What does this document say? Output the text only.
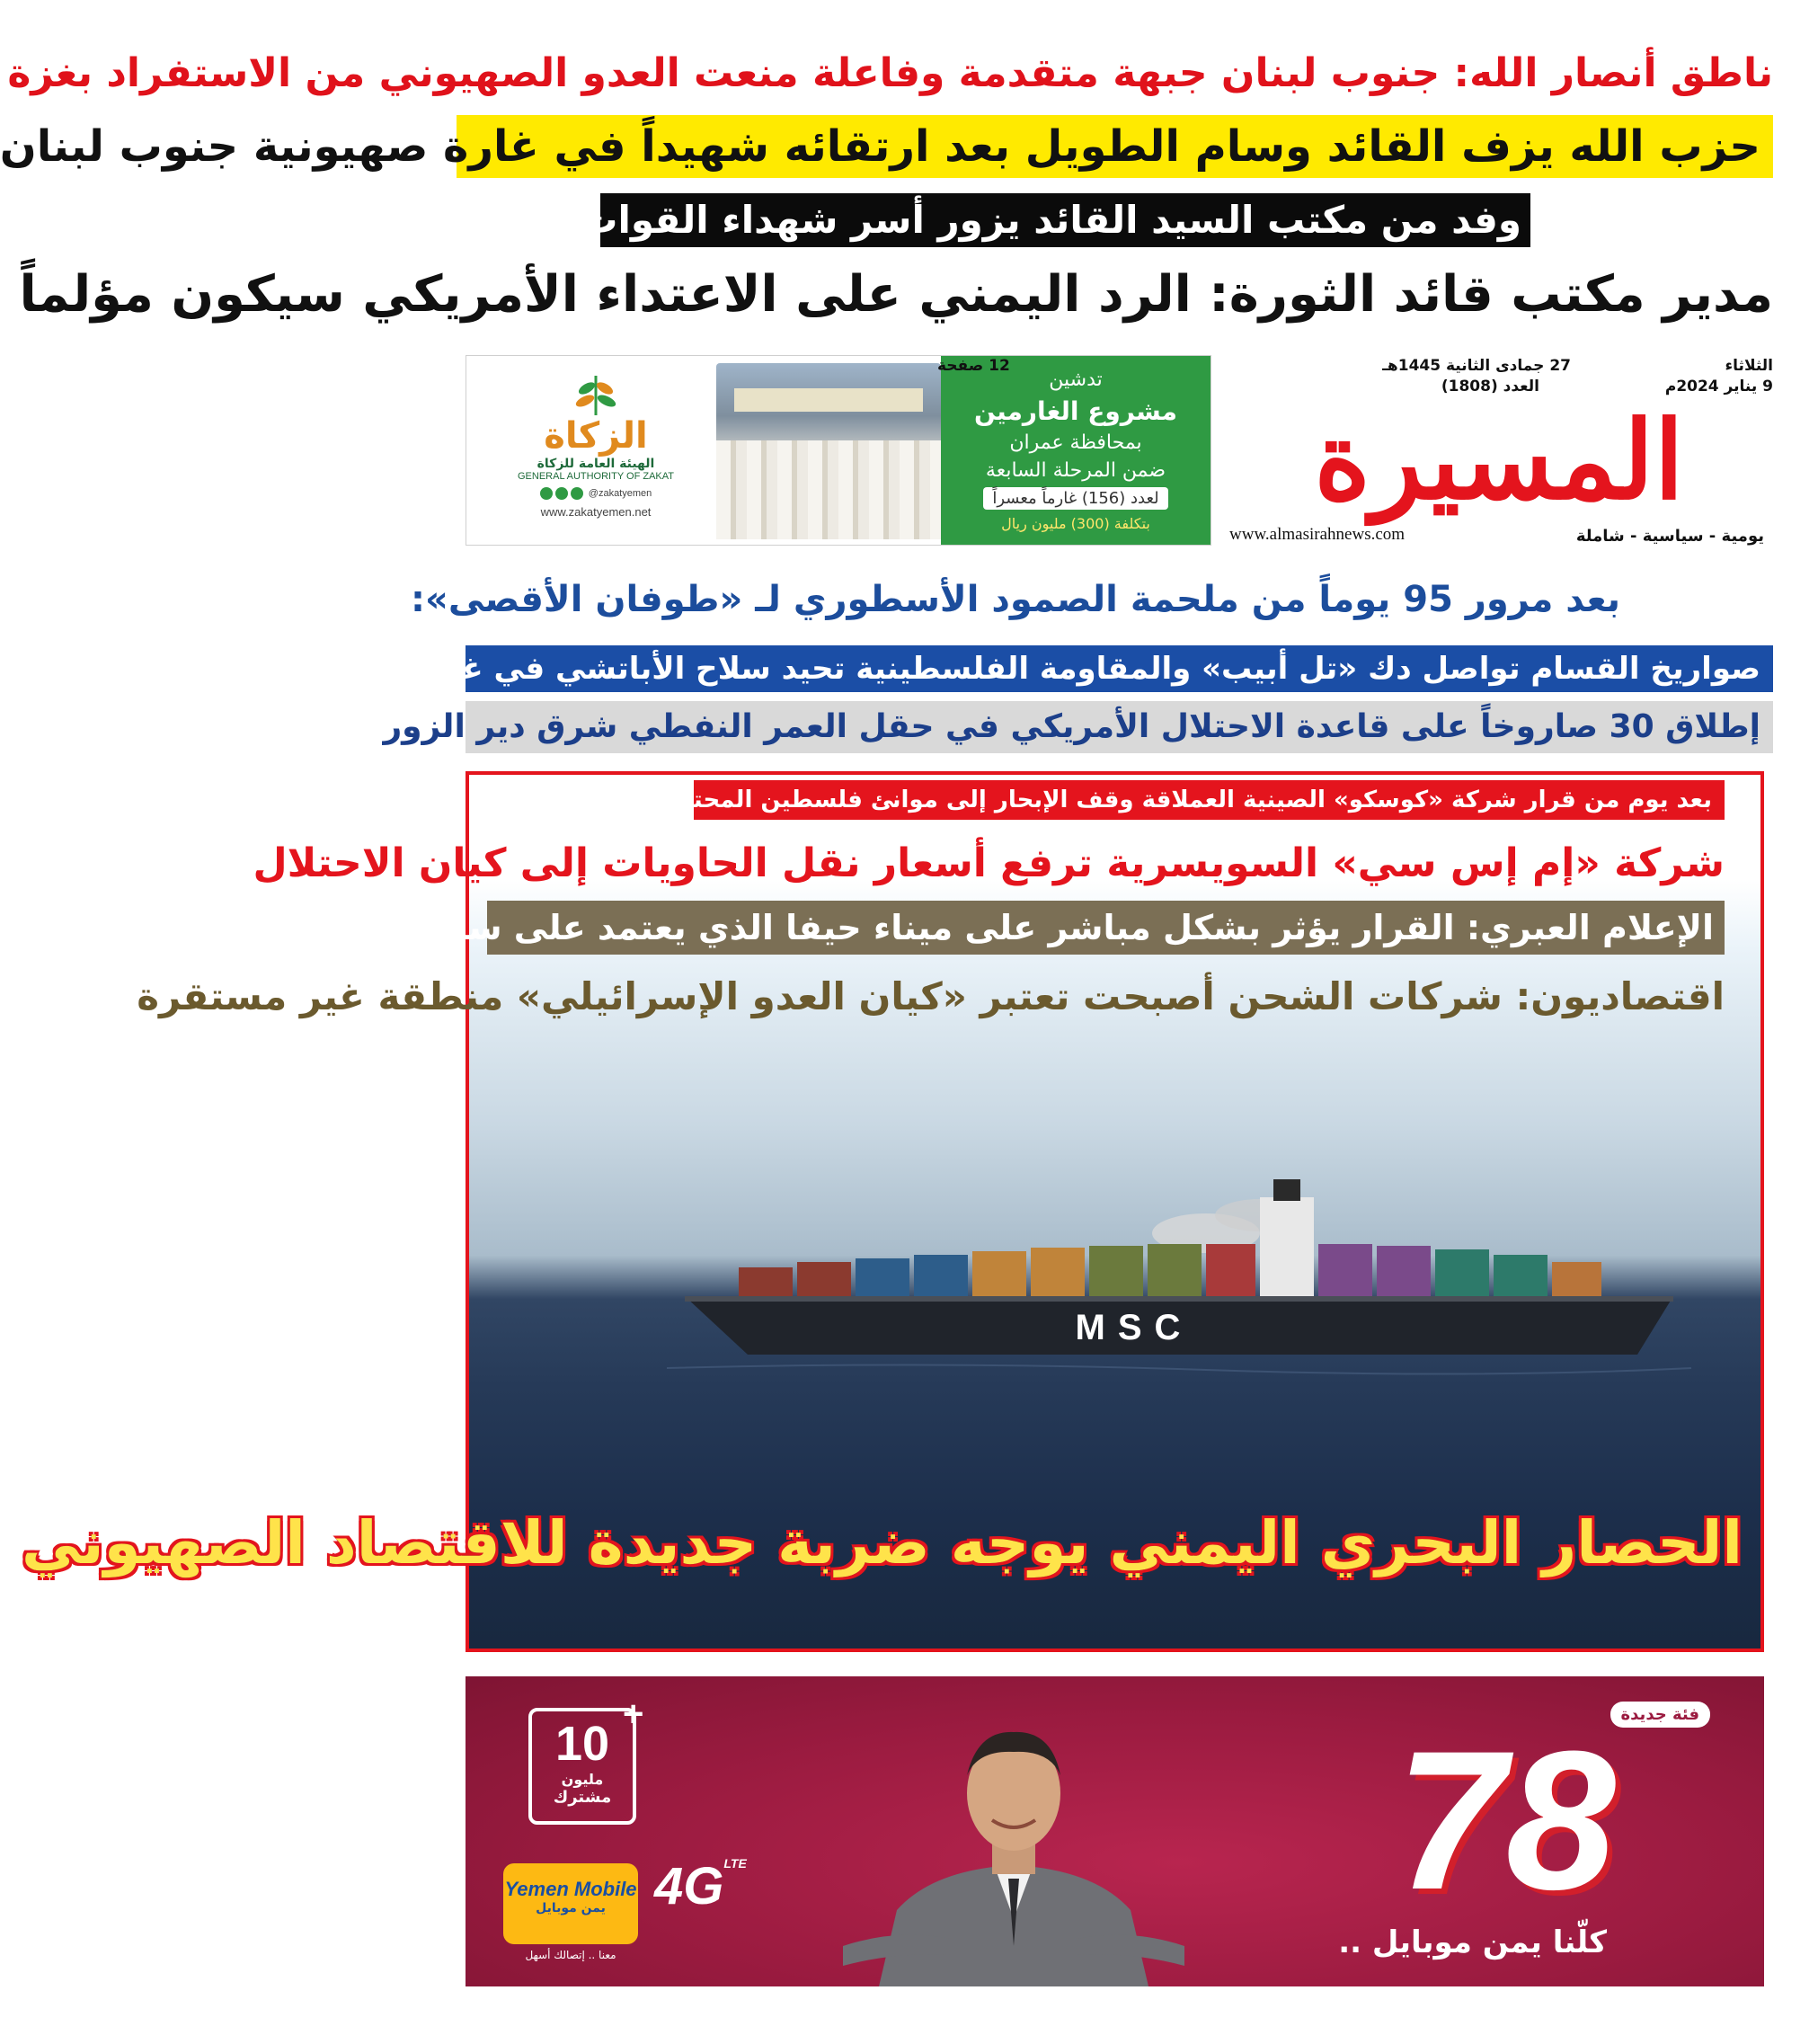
ناطق أنصار الله: جنوب لبنان جبهة متقدمة وفاعلة منعت العدو الصهيوني من الاستفراد بغزة
حزب الله يزف القائد وسام الطويل بعد ارتقائه شهيداً في غارة صهيونية جنوب لبنان
وفد من مكتب السيد القائد يزور أسر شهداء القوات البحرية
مدير مكتب قائد الثورة: الرد اليمني على الاعتداء الأمريكي سيكون مؤلماً
تدشين
مشروع الغارمين
بمحافظة عمران
ضمن المرحلة السابعة
لعدد (156) غارماً معسراً
بتكلفة (300) مليون ريال
الزكاة
الهيئة العامة للزكاة
GENERAL AUTHORITY OF ZAKAT
@zakatyemen
www.zakatyemen.net
الثلاثاء
9 يناير 2024م
27 جمادى الثانية 1445هـ
العدد (1808)
12 صفحة
المسيرة
يومية - سياسية - شاملة
www.almasirahnews.com
بعد مرور 95 يوماً من ملحمة الصمود الأسطوري لـ «طوفان الأقصى»:
صواريخ القسام تواصل دك «تل أبيب» والمقاومة الفلسطينية تحيد سلاح الأباتشي في غزة
إطلاق 30 صاروخاً على قاعدة الاحتلال الأمريكي في حقل العمر النفطي شرق دير الزور
بعد يوم من قرار شركة «كوسكو» الصينية العملاقة وقف الإبحار إلى موانئ فلسطين المحتلة
شركة «إم إس سي» السويسرية ترفع أسعار نقل الحاويات إلى كيان الاحتلال
الإعلام العبري: القرار يؤثر بشكل مباشر على ميناء حيفا الذي يعتمد على سفن الشركة
اقتصاديون: شركات الشحن أصبحت تعتبر «كيان العدو الإسرائيلي» منطقة غير مستقرة
MSC
الحصار البحري اليمني يوجه ضربة جديدة للاقتصاد الصهيوني
فئة جديدة
78
كلّنا يمن موبايل ..
$4G^{LTE}$
10
مليون
مشترك
+
Yemen Mobile
يمن موبايل
معنا .. إتصالك أسهل
